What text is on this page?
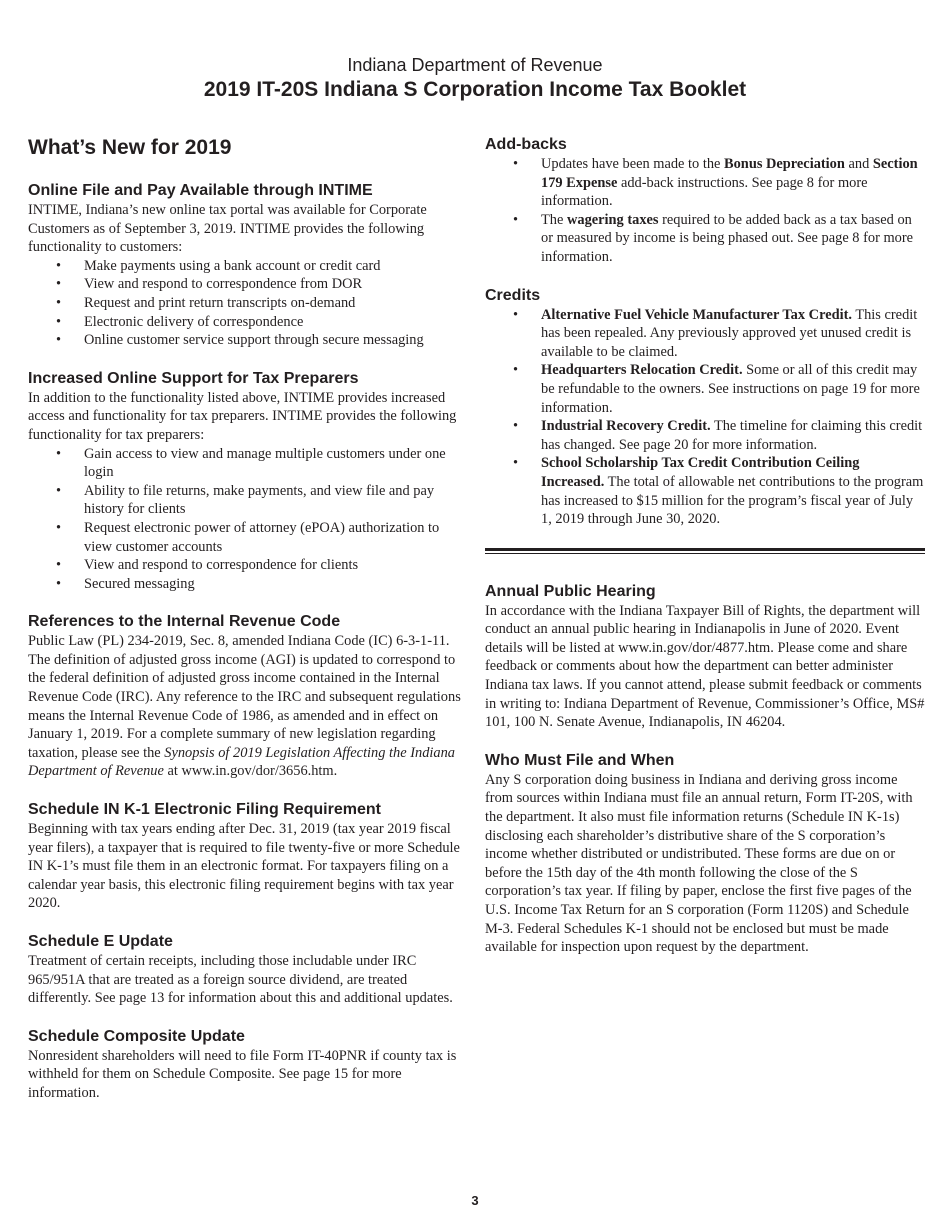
Indiana Department of Revenue
2019 IT-20S Indiana S Corporation Income Tax Booklet
What’s New for 2019
Online File and Pay Available through INTIME

INTIME, Indiana’s new online tax portal was available for Corporate Customers as of September 3, 2019. INTIME provides the following functionality to customers:

• Make payments using a bank account or credit card
• View and respond to correspondence from DOR
• Request and print return transcripts on-demand
• Electronic delivery of correspondence
• Online customer service support through secure messaging
Increased Online Support for Tax Preparers

In addition to the functionality listed above, INTIME provides increased access and functionality for tax preparers. INTIME provides the following functionality for tax preparers:

• Gain access to view and manage multiple customers under one login
• Ability to file returns, make payments, and view file and pay history for clients
• Request electronic power of attorney (ePOA) authorization to view customer accounts
• View and respond to correspondence for clients
• Secured messaging
References to the Internal Revenue Code

Public Law (PL) 234-2019, Sec. 8, amended Indiana Code (IC) 6-3-1-11. The definition of adjusted gross income (AGI) is updated to correspond to the federal definition of adjusted gross income contained in the Internal Revenue Code (IRC). Any reference to the IRC and subsequent regulations means the Internal Revenue Code of 1986, as amended and in effect on January 1, 2019. For a complete summary of new legislation regarding taxation, please see the Synopsis of 2019 Legislation Affecting the Indiana Department of Revenue at www.in.gov/dor/3656.htm.

Schedule IN K-1 Electronic Filing Requirement

Beginning with tax years ending after Dec. 31, 2019 (tax year 2019 fiscal year filers), a taxpayer that is required to file twenty-five or more Schedule IN K-1’s must file them in an electronic format. For taxpayers filing on a calendar year basis, this electronic filing requirement begins with tax year 2020.

Schedule E Update

Treatment of certain receipts, including those includable under IRC 965/951A that are treated as a foreign source dividend, are treated differently. See page 13 for information about this and additional updates.

Schedule Composite Update

Nonresident shareholders will need to file Form IT-40PNR if county tax is withheld for them on Schedule Composite. See page 15 for more information.

Add-backs
• Updates have been made to the Bonus Depreciation and Section 179 Expense add-back instructions. See page 8 for more information.
• The wagering taxes required to be added back as a tax based on or measured by income is being phased out. See page 8 for more information.
Credits
• Alternative Fuel Vehicle Manufacturer Tax Credit. This credit has been repealed. Any previously approved yet unused credit is available to be claimed.
• Headquarters Relocation Credit. Some or all of this credit may be refundable to the owners. See instructions on page 19 for more information.
• Industrial Recovery Credit. The timeline for claiming this credit has changed. See page 20 for more information.
• School Scholarship Tax Credit Contribution Ceiling Increased. The total of allowable net contributions to the program has increased to $15 million for the program’s fiscal year of July 1, 2019 through June 30, 2020.
Annual Public Hearing

In accordance with the Indiana Taxpayer Bill of Rights, the department will conduct an annual public hearing in Indianapolis in June of 2020. Event details will be listed at www.in.gov/dor/4877.htm. Please come and share feedback or comments about how the department can better administer Indiana tax laws. If you cannot attend, please submit feedback or comments in writing to: Indiana Department of Revenue, Commissioner’s Office, MS# 101, 100 N. Senate Avenue, Indianapolis, IN 46204.

Who Must File and When

Any S corporation doing business in Indiana and deriving gross income from sources within Indiana must file an annual return, Form IT-20S, with the department. It also must file information returns (Schedule IN K-1s) disclosing each shareholder’s distributive share of the S corporation’s income whether distributed or undistributed. These forms are due on or before the 15th day of the 4th month following the close of the S corporation’s tax year. If filing by paper, enclose the first five pages of the U.S. Income Tax Return for an S corporation (Form 1120S) and Schedule M-3. Federal Schedules K-1 should not be enclosed but must be made available for inspection upon request by the department.

3
